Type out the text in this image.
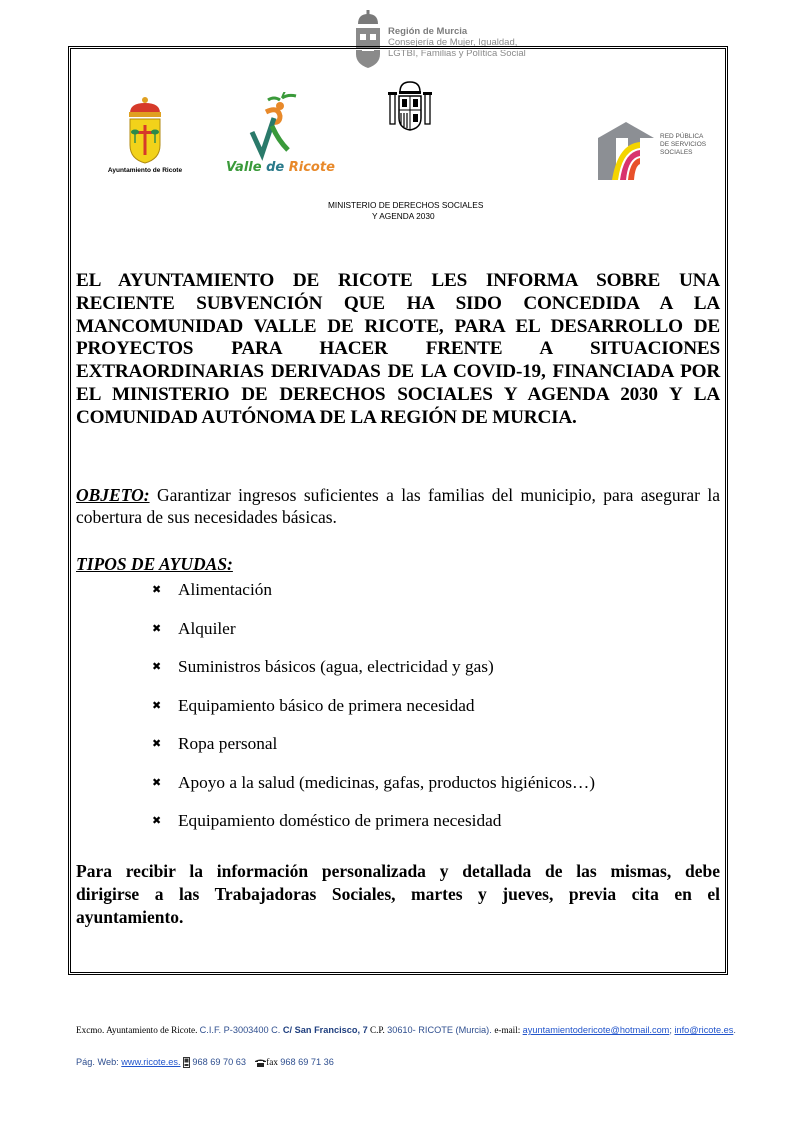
Región de Murcia
Consejería de Mujer, Igualdad,
LGTBI, Familias y Política Social
Ayuntamiento de Ricote	Valle de Ricote
RED PÚBLICA
DE SERVICIOS
SOCIALES
MINISTERIO DE DERECHOS SOCIALES
Y AGENDA 2030
EL AYUNTAMIENTO DE RICOTE LES INFORMA SOBRE UNA
RECIENTE SUBVENCIÓN QUE HA SIDO CONCEDIDA A LA
MANCOMUNIDAD VALLE DE RICOTE, PARA EL DESARROLLO DE
PROYECTOS PARA HACER FRENTE A SITUACIONES
EXTRAORDINARIAS DERIVADAS DE LA COVID-19, FINANCIADA POR
EL MINISTERIO DE DERECHOS SOCIALES Y AGENDA 2030 Y LA
COMUNIDAD AUTÓNOMA DE LA REGIÓN DE MURCIA.
OBJETO: Garantizar ingresos suficientes a las familias del municipio, para asegurar la cobertura de sus necesidades básicas.
TIPOS DE AYUDAS:
✖ Alimentación
✖ Alquiler
✖ Suministros básicos (agua, electricidad y gas)
✖ Equipamiento básico de primera necesidad
✖ Ropa personal
✖ Apoyo a la salud (medicinas, gafas, productos higiénicos…)
✖ Equipamiento doméstico de primera necesidad
Para recibir la información personalizada y detallada de las mismas, debe
dirigirse a las Trabajadoras Sociales, martes y jueves, previa cita en el
ayuntamiento.
Excmo. Ayuntamiento de Ricote. C.I.F. P-3003400 C. C/ San Francisco, 7 C.P. 30610- RICOTE (Murcia). e-mail: ayuntamientodericote@hotmail.com; info@ricote.es.
Pág. Web: www.ricote.es.  968 69 70 63 fax 968 69 71 36
